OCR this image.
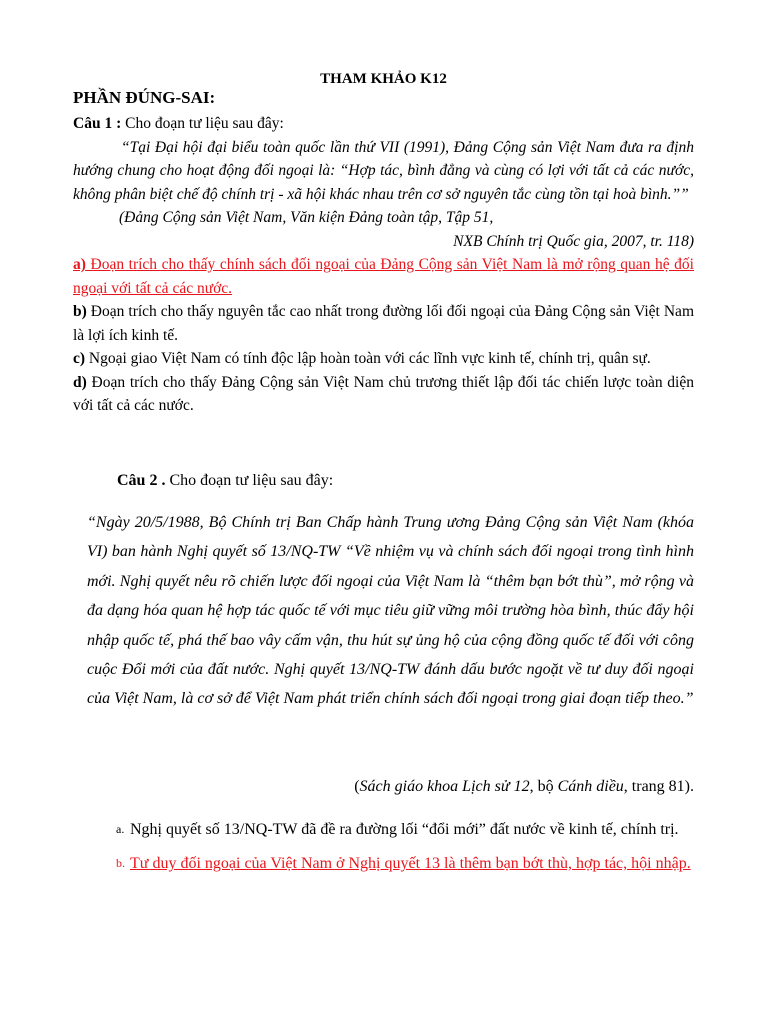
THAM KHẢO K12
PHẦN ĐÚNG-SAI:

Câu 1 : Cho đoạn tư liệu sau đây:

“Tại Đại hội đại biểu toàn quốc lần thứ VII (1991), Đảng Cộng sản Việt Nam đưa ra định hướng chung cho hoạt động đối ngoại là: “Hợp tác, bình đẳng và cùng có lợi với tất cả các nước, không phân biệt chế độ chính trị - xã hội khác nhau trên cơ sở nguyên tắc cùng tồn tại hoà bình.””

(Đảng Cộng sản Việt Nam, Văn kiện Đảng toàn tập, Tập 51,

NXB Chính trị Quốc gia, 2007, tr. 118)

a) Đoạn trích cho thấy chính sách đối ngoại của Đảng Cộng sản Việt Nam là mở rộng quan hệ đối ngoại với tất cả các nước.

b) Đoạn trích cho thấy nguyên tắc cao nhất trong đường lối đối ngoại của Đảng Cộng sản Việt Nam là lợi ích kinh tế.

c) Ngoại giao Việt Nam có tính độc lập hoàn toàn với các lĩnh vực kinh tế, chính trị, quân sự.

d) Đoạn trích cho thấy Đảng Cộng sản Việt Nam chủ trương thiết lập đối tác chiến lược toàn diện với tất cả các nước.

Câu 2 . Cho đoạn tư liệu sau đây:

“Ngày 20/5/1988, Bộ Chính trị Ban Chấp hành Trung ương Đảng Cộng sản Việt Nam (khóa VI) ban hành Nghị quyết số 13/NQ-TW “Về nhiệm vụ và chính sách đối ngoại trong tình hình mới. Nghị quyết nêu rõ chiến lược đối ngoại của Việt Nam là “thêm bạn bớt thù”, mở rộng và đa dạng hóa quan hệ hợp tác quốc tế với mục tiêu giữ vững môi trường hòa bình, thúc đẩy hội nhập quốc tế, phá thế bao vây cấm vận, thu hút sự ủng hộ của cộng đồng quốc tế đối với công cuộc Đổi mới của đất nước. Nghị quyết 13/NQ-TW đánh dấu bước ngoặt về tư duy đối ngoại của Việt Nam, là cơ sở để Việt Nam phát triển chính sách đối ngoại trong giai đoạn tiếp theo.”

(Sách giáo khoa Lịch sử 12, bộ Cánh diều, trang 81).
a. Nghị quyết số 13/NQ-TW đã đề ra đường lối “đổi mới” đất nước về kinh tế, chính trị.
b. Tư duy đối ngoại của Việt Nam ở Nghị quyết 13 là thêm bạn bớt thù, hợp tác, hội nhập.
